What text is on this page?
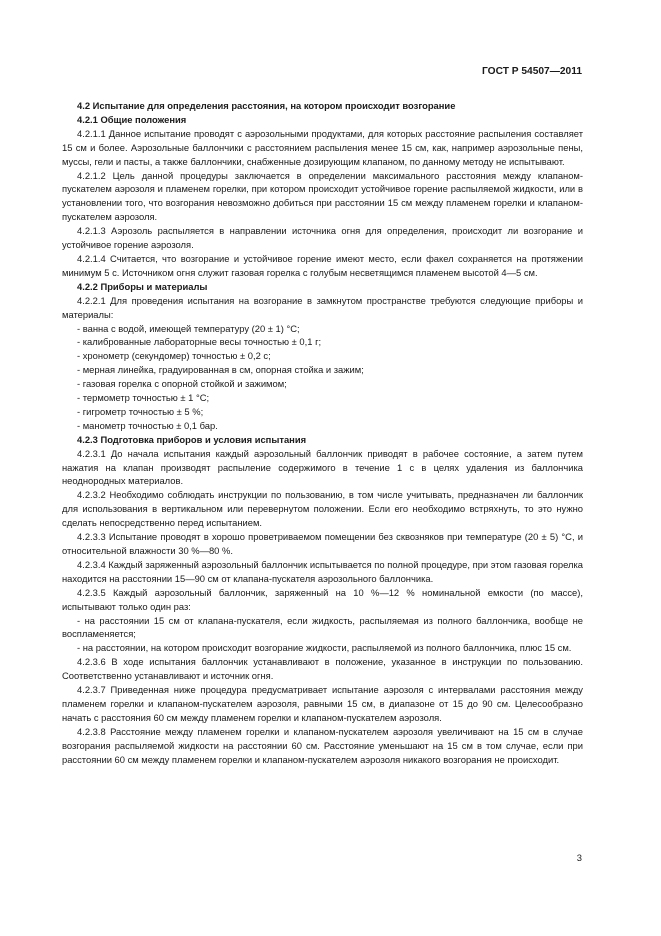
ГОСТ Р 54507—2011
4.2 Испытание для определения расстояния, на котором происходит возгорание
4.2.1 Общие положения

4.2.1.1 Данное испытание проводят с аэрозольными продуктами, для которых расстояние распыления составляет 15 см и более. Аэрозольные баллончики с расстоянием распыления менее 15 см, как, например аэрозольные пены, муссы, гели и пасты, а также баллончики, снабженные дозирующим клапаном, по данному методу не испытывают.

4.2.1.2 Цель данной процедуры заключается в определении максимального расстояния между клапаном-пускателем аэрозоля и пламенем горелки, при котором происходит устойчивое горение распыляемой жидкости, или в установлении того, что возгорания невозможно добиться при расстоянии 15 см между пламенем горелки и клапаном-пускателем аэрозоля.

4.2.1.3 Аэрозоль распыляется в направлении источника огня для определения, происходит ли возгорание и устойчивое горение аэрозоля.

4.2.1.4 Считается, что возгорание и устойчивое горение имеют место, если факел сохраняется на протяжении минимум 5 с. Источником огня служит газовая горелка с голубым несветящимся пламенем высотой 4—5 см.

4.2.2 Приборы и материалы

4.2.2.1 Для проведения испытания на возгорание в замкнутом пространстве требуются следующие приборы и материалы:

- ванна с водой, имеющей температуру (20 ± 1) °С;
- калиброванные лабораторные весы точностью ± 0,1 г;
- хронометр (секундомер) точностью ± 0,2 с;
- мерная линейка, градуированная в см, опорная стойка и зажим;
- газовая горелка с опорной стойкой и зажимом;
- термометр точностью ± 1 °С;
- гигрометр точностью ± 5 %;
- манометр точностью ± 0,1 бар.
4.2.3 Подготовка приборов и условия испытания

4.2.3.1 До начала испытания каждый аэрозольный баллончик приводят в рабочее состояние, а затем путем нажатия на клапан производят распыление содержимого в течение 1 с в целях удаления из баллончика неоднородных материалов.

4.2.3.2 Необходимо соблюдать инструкции по пользованию, в том числе учитывать, предназначен ли баллончик для использования в вертикальном или перевернутом положении. Если его необходимо встряхнуть, то это нужно сделать непосредственно перед испытанием.

4.2.3.3 Испытание проводят в хорошо проветриваемом помещении без сквозняков при температуре (20 ± 5) °С, и относительной влажности 30 %—80 %.

4.2.3.4 Каждый заряженный аэрозольный баллончик испытывается по полной процедуре, при этом газовая горелка находится на расстоянии 15—90 см от клапана-пускателя аэрозольного баллончика.

4.2.3.5 Каждый аэрозольный баллончик, заряженный на 10 %—12 % номинальной емкости (по массе), испытывают только один раз:

- на расстоянии 15 см от клапана-пускателя, если жидкость, распыляемая из полного баллончика, вообще не воспламеняется;

- на расстоянии, на котором происходит возгорание жидкости, распыляемой из полного баллончика, плюс 15 см.

4.2.3.6 В ходе испытания баллончик устанавливают в положение, указанное в инструкции по пользованию. Соответственно устанавливают и источник огня.

4.2.3.7 Приведенная ниже процедура предусматривает испытание аэрозоля с интервалами расстояния между пламенем горелки и клапаном-пускателем аэрозоля, равными 15 см, в диапазоне от 15 до 90 см. Целесообразно начать с расстояния 60 см между пламенем горелки и клапаном-пускателем аэрозоля.

4.2.3.8 Расстояние между пламенем горелки и клапаном-пускателем аэрозоля увеличивают на 15 см в случае возгорания распыляемой жидкости на расстоянии 60 см. Расстояние уменьшают на 15 см в том случае, если при расстоянии 60 см между пламенем горелки и клапаном-пускателем аэрозоля никакого возгорания не происходит.

3
